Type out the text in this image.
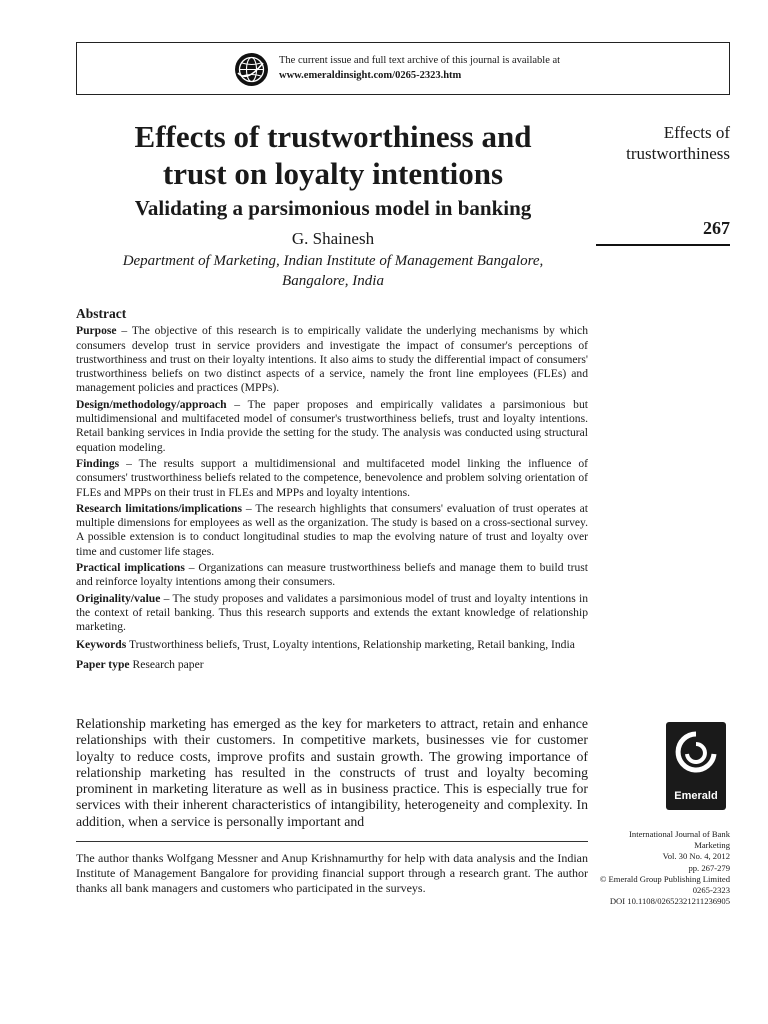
The current issue and full text archive of this journal is available at
www.emeraldinsight.com/0265-2323.htm
Effects of trustworthiness and
trust on loyalty intentions
Validating a parsimonious model in banking
G. Shainesh
Department of Marketing, Indian Institute of Management Bangalore,
Bangalore, India
Effects of
trustworthiness
267
Abstract
Purpose – The objective of this research is to empirically validate the underlying mechanisms by which consumers develop trust in service providers and investigate the impact of consumer's perceptions of trustworthiness and trust on their loyalty intentions. It also aims to study the differential impact of consumers' trustworthiness beliefs on two distinct aspects of a service, namely the front line employees (FLEs) and management policies and practices (MPPs).
Design/methodology/approach – The paper proposes and empirically validates a parsimonious but multidimensional and multifaceted model of consumer's trustworthiness beliefs, trust and loyalty intentions. Retail banking services in India provide the setting for the study. The analysis was conducted using structural equation modeling.
Findings – The results support a multidimensional and multifaceted model linking the influence of consumers' trustworthiness beliefs related to the competence, benevolence and problem solving orientation of FLEs and MPPs on their trust in FLEs and MPPs and loyalty intentions.
Research limitations/implications – The research highlights that consumers' evaluation of trust operates at multiple dimensions for employees as well as the organization. The study is based on a cross-sectional survey. A possible extension is to conduct longitudinal studies to map the evolving nature of trust and loyalty over time and customer life stages.
Practical implications – Organizations can measure trustworthiness beliefs and manage them to build trust and reinforce loyalty intentions among their consumers.
Originality/value – The study proposes and validates a parsimonious model of trust and loyalty intentions in the context of retail banking. Thus this research supports and extends the extant knowledge of relationship marketing.
Keywords Trustworthiness beliefs, Trust, Loyalty intentions, Relationship marketing, Retail banking, India
Paper type Research paper
Relationship marketing has emerged as the key for marketers to attract, retain and enhance relationships with their customers. In competitive markets, businesses vie for customer loyalty to reduce costs, improve profits and sustain growth. The growing importance of relationship marketing has resulted in the constructs of trust and loyalty becoming prominent in marketing literature as well as in business practice. This is especially true for services with their inherent characteristics of intangibility, heterogeneity and complexity. In addition, when a service is personally important and
The author thanks Wolfgang Messner and Anup Krishnamurthy for help with data analysis and the Indian Institute of Management Bangalore for providing financial support through a research grant. The author thanks all bank managers and customers who participated in the surveys.
Emerald
International Journal of Bank
Marketing
Vol. 30 No. 4, 2012
pp. 267-279
© Emerald Group Publishing Limited
0265-2323
DOI 10.1108/02652321211236905
